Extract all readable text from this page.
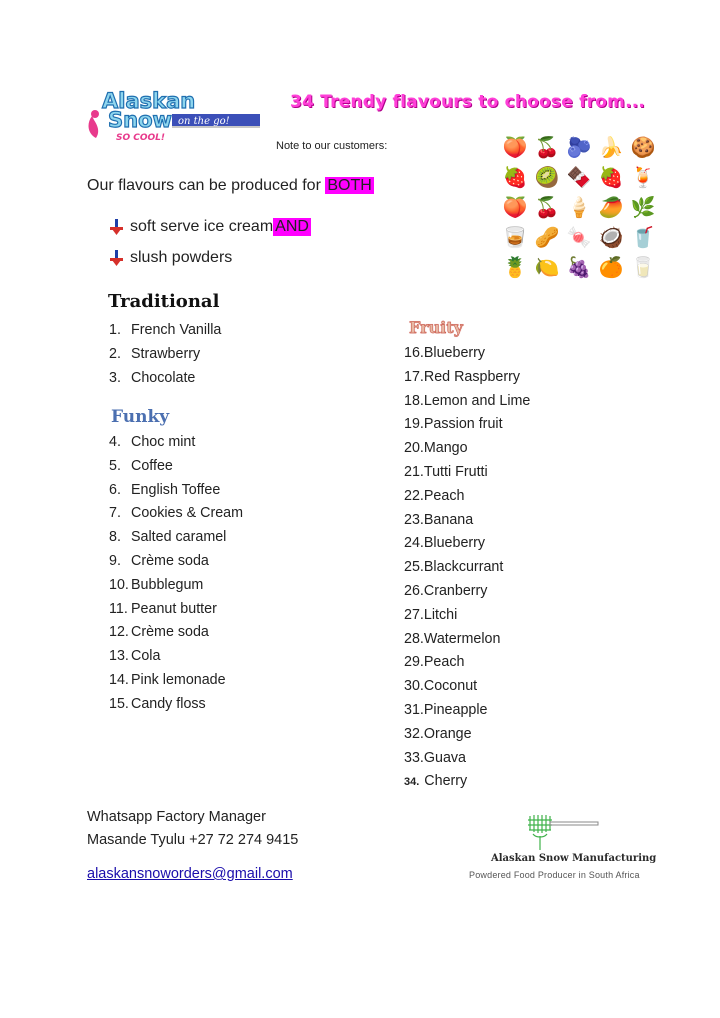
on the go!
Alaskan
Snow
SO COOL!
34 Trendy flavours to choose from...
Note to our customers:
Our flavours can be produced for BOTH
soft serve ice cream AND
slush powders
🍑 🍒 🫐 🍌 🍪
🍓 🥝 🍫 🍓 🍹
🍑 🍒 🍦 🥭 🌿
🥃 🥜 🍬 🥥 🥤
🍍 🍋 🍇 🍊 🥛
Traditional
1. French Vanilla
2. Strawberry
3. Chocolate
Funky
4. Choc mint
5. Coffee
6. English Toffee
7. Cookies & Cream
8. Salted caramel
9. Crème soda
10. Bubblegum
11. Peanut butter
12. Crème soda
13. Cola
14. Pink lemonade
15. Candy floss
Fruity
16.Blueberry
17.Red Raspberry
18.Lemon and Lime
19.Passion fruit
20.Mango
21.Tutti Frutti
22.Peach
23.Banana
24.Blueberry
25.Blackcurrant
26.Cranberry
27.Litchi
28.Watermelon
29.Peach
30.Coconut
31.Pineapple
32.Orange
33.Guava
34. Cherry
Whatsapp Factory Manager
Masande Tyulu +27 72 274 9415
alaskansnoworders@gmail.com
Alaskan Snow Manufacturing
Powdered Food Producer in South Africa
